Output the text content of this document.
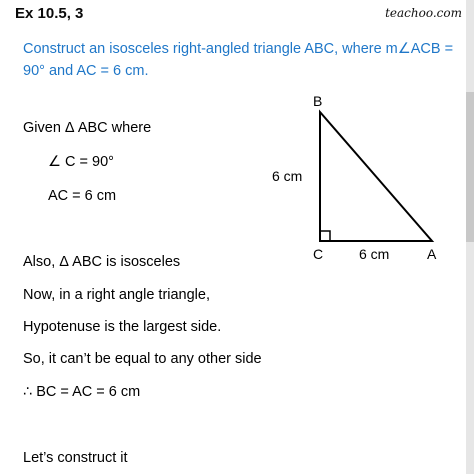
Ex 10.5, 3	teachoo.com
Construct an isosceles right-angled triangle ABC, where m∠ACB = 90° and AC = 6 cm.
Given Δ ABC where
∠ C = 90°
AC = 6 cm
Also, Δ ABC is isosceles
Now, in a right angle triangle,
Hypotenuse is the largest side.
So, it can’t be equal to any other side
∴ BC = AC = 6 cm
Let’s construct it
B
C	A
6 cm
6 cm
